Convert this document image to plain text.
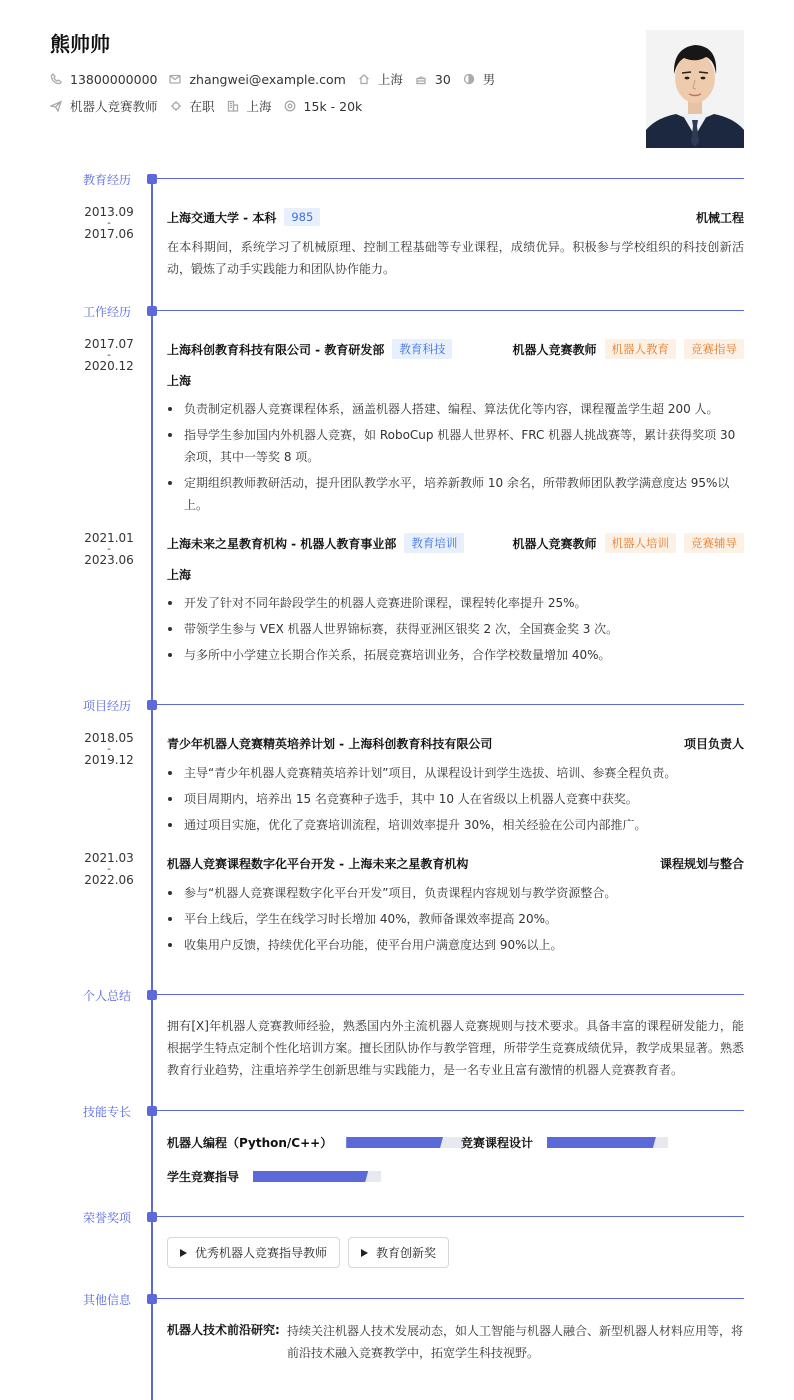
熊帅帅
13800000000	zhangwei@example.com	上海	30	男
机器人竞赛教师	在职	上海	15k - 20k
教育经历
2013.09
-
2017.06
上海交通大学 - 本科	985	机械工程
在本科期间，系统学习了机械原理、控制工程基础等专业课程，成绩优异。积极参与学校组织的科技创新活动，锻炼了动手实践能力和团队协作能力。
工作经历
2017.07
-
2020.12
上海科创教育科技有限公司 - 教育研发部	教育科技	机器人竞赛教师	机器人教育	竞赛指导
上海
负责制定机器人竞赛课程体系，涵盖机器人搭建、编程、算法优化等内容，课程覆盖学生超 200 人。
指导学生参加国内外机器人竞赛，如 RoboCup 机器人世界杯、FRC 机器人挑战赛等，累计获得奖项 30 余项，其中一等奖 8 项。
定期组织教师教研活动，提升团队教学水平，培养新教师 10 余名，所带教师团队教学满意度达 95%以上。
2021.01
-
2023.06
上海未来之星教育机构 - 机器人教育事业部	教育培训	机器人竞赛教师	机器人培训	竞赛辅导
上海
开发了针对不同年龄段学生的机器人竞赛进阶课程，课程转化率提升 25%。
带领学生参与 VEX 机器人世界锦标赛，获得亚洲区银奖 2 次，全国赛金奖 3 次。
与多所中小学建立长期合作关系，拓展竞赛培训业务，合作学校数量增加 40%。
项目经历
2018.05
-
2019.12
青少年机器人竞赛精英培养计划 - 上海科创教育科技有限公司	项目负责人
主导“青少年机器人竞赛精英培养计划”项目，从课程设计到学生选拔、培训、参赛全程负责。
项目周期内，培养出 15 名竞赛种子选手，其中 10 人在省级以上机器人竞赛中获奖。
通过项目实施，优化了竞赛培训流程，培训效率提升 30%，相关经验在公司内部推广。
2021.03
-
2022.06
机器人竞赛课程数字化平台开发 - 上海未来之星教育机构	课程规划与整合
参与“机器人竞赛课程数字化平台开发”项目，负责课程内容规划与教学资源整合。
平台上线后，学生在线学习时长增加 40%，教师备课效率提高 20%。
收集用户反馈，持续优化平台功能，使平台用户满意度达到 90%以上。
个人总结
拥有[X]年机器人竞赛教师经验，熟悉国内外主流机器人竞赛规则与技术要求。具备丰富的课程研发能力，能根据学生特点定制个性化培训方案。擅长团队协作与教学管理，所带学生竞赛成绩优异，教学成果显著。熟悉教育行业趋势，注重培养学生创新思维与实践能力，是一名专业且富有激情的机器人竞赛教育者。
技能专长
机器人编程（Python/C++）	竞赛课程设计
学生竞赛指导
荣誉奖项
优秀机器人竞赛指导教师	教育创新奖
其他信息
机器人技术前沿研究: 持续关注机器人技术发展动态，如人工智能与机器人融合、新型机器人材料应用等，将前沿技术融入竞赛教学中，拓宽学生科技视野。
